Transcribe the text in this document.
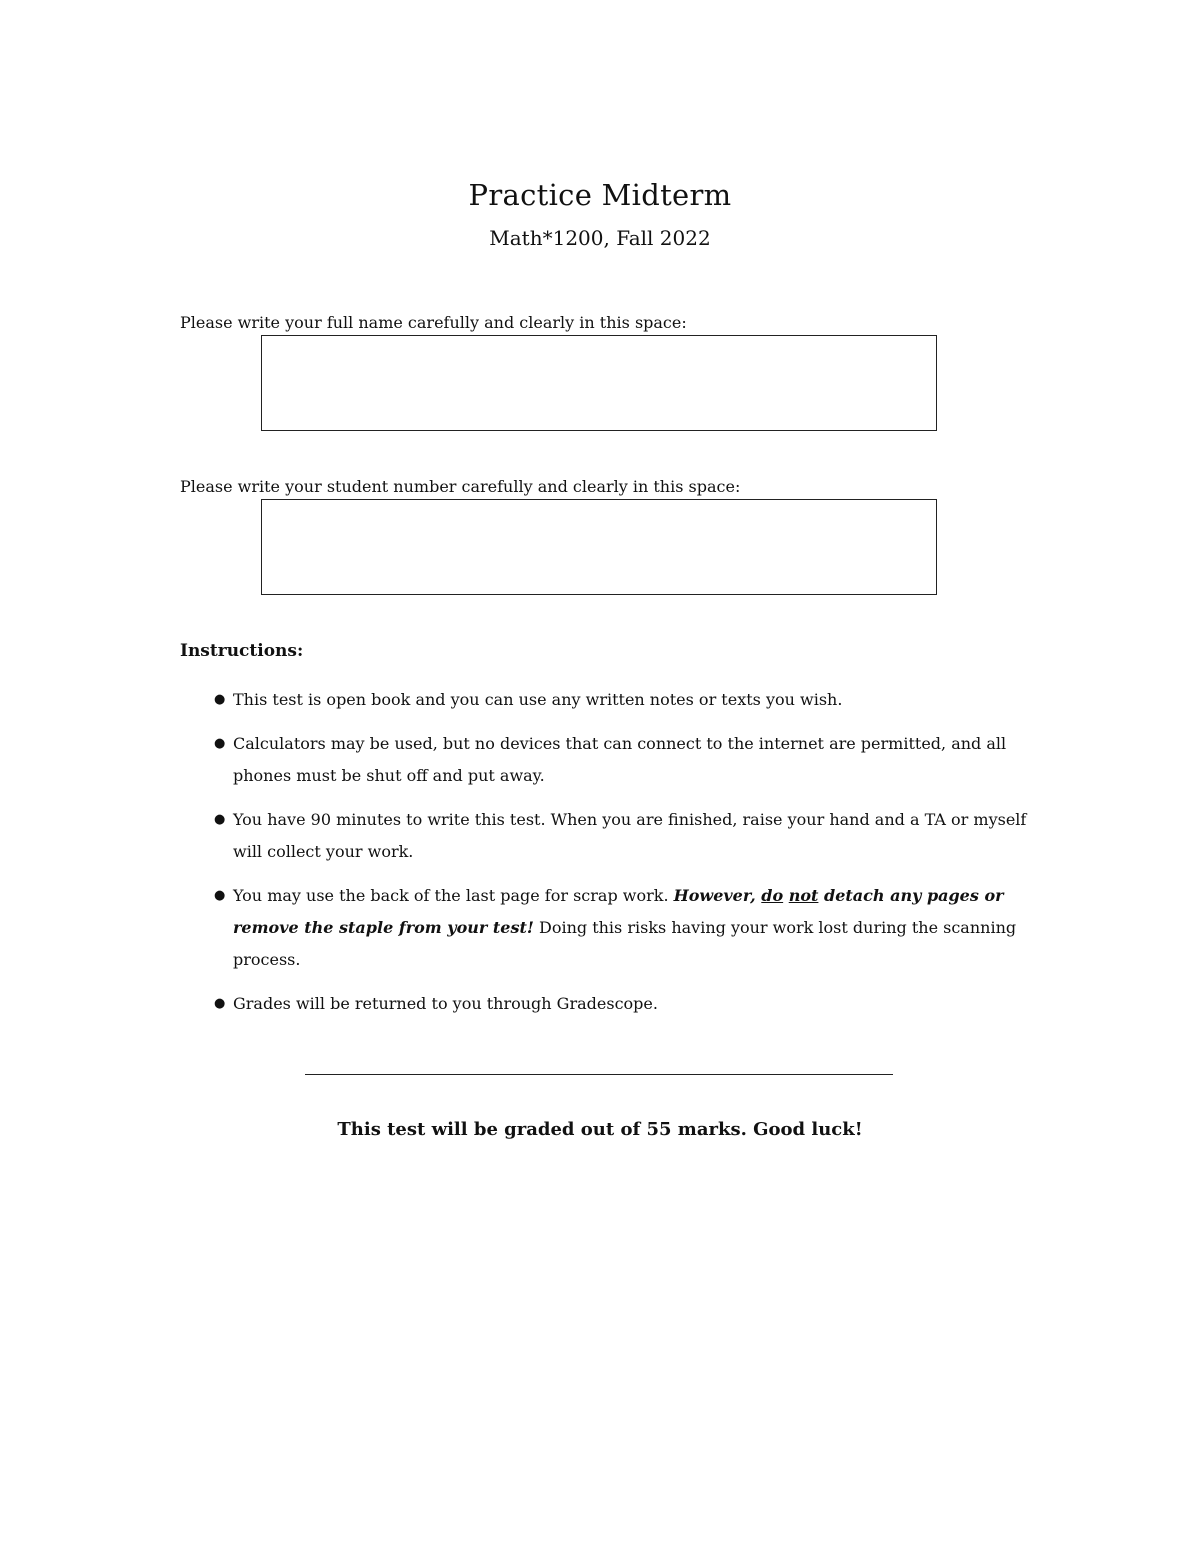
Practice Midterm
Math*1200, Fall 2022
Please write your full name carefully and clearly in this space:
Please write your student number carefully and clearly in this space:
Instructions:
● This test is open book and you can use any written notes or texts you wish.
● Calculators may be used, but no devices that can connect to the internet are permitted, and all phones must be shut off and put away.
● You have 90 minutes to write this test. When you are finished, raise your hand and a TA or myself will collect your work.
● You may use the back of the last page for scrap work. However, do not detach any pages or remove the staple from your test! Doing this risks having your work lost during the scanning process.
● Grades will be returned to you through Gradescope.
This test will be graded out of 55 marks. Good luck!
